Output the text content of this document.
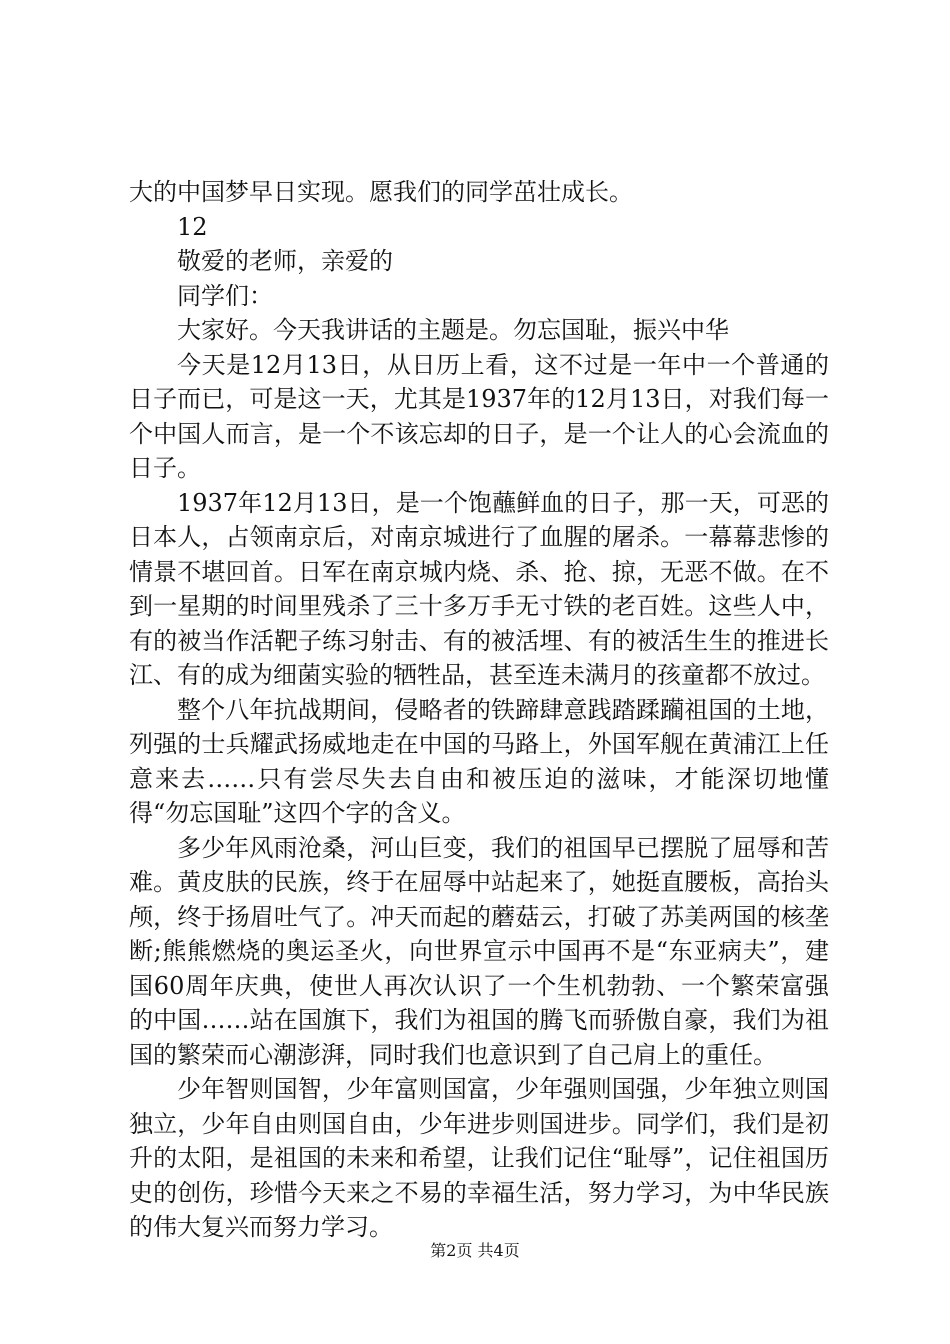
大的中国梦早日实现。愿我们的同学茁壮成长。
12
敬爱的老师，亲爱的
同学们：
大家好。今天我讲话的主题是。勿忘国耻，振兴中华

今天是12月13日，从日历上看，这不过是一年中一个普通的日子而已，可是这一天，尤其是1937年的12月13日，对我们每一个中国人而言，是一个不该忘却的日子，是一个让人的心会流血的日子。

1937年12月13日，是一个饱蘸鲜血的日子，那一天，可恶的日本人，占领南京后，对南京城进行了血腥的屠杀。一幕幕悲惨的情景不堪回首。日军在南京城内烧、杀、抢、掠，无恶不做。在不到一星期的时间里残杀了三十多万手无寸铁的老百姓。这些人中，有的被当作活靶子练习射击、有的被活埋、有的被活生生的推进长江、有的成为细菌实验的牺牲品，甚至连未满月的孩童都不放过。

整个八年抗战期间，侵略者的铁蹄肆意践踏蹂躏祖国的土地，列强的士兵耀武扬威地走在中国的马路上，外国军舰在黄浦江上任意来去……只有尝尽失去自由和被压迫的滋味，才能深切地懂得“勿忘国耻”这四个字的含义。

多少年风雨沧桑，河山巨变，我们的祖国早已摆脱了屈辱和苦难。黄皮肤的民族，终于在屈辱中站起来了，她挺直腰板，高抬头颅，终于扬眉吐气了。冲天而起的蘑菇云，打破了苏美两国的核垄断;熊熊燃烧的奥运圣火，向世界宣示中国再不是“东亚病夫”，建国60周年庆典，使世人再次认识了一个生机勃勃、一个繁荣富强的中国……站在国旗下，我们为祖国的腾飞而骄傲自豪，我们为祖国的繁荣而心潮澎湃，同时我们也意识到了自己肩上的重任。

少年智则国智，少年富则国富，少年强则国强，少年独立则国独立，少年自由则国自由，少年进步则国进步。同学们，我们是初升的太阳，是祖国的未来和希望，让我们记住“耻辱”，记住祖国历史的创伤，珍惜今天来之不易的幸福生活，努力学习，为中华民族的伟大复兴而努力学习。

第2页 共4页
